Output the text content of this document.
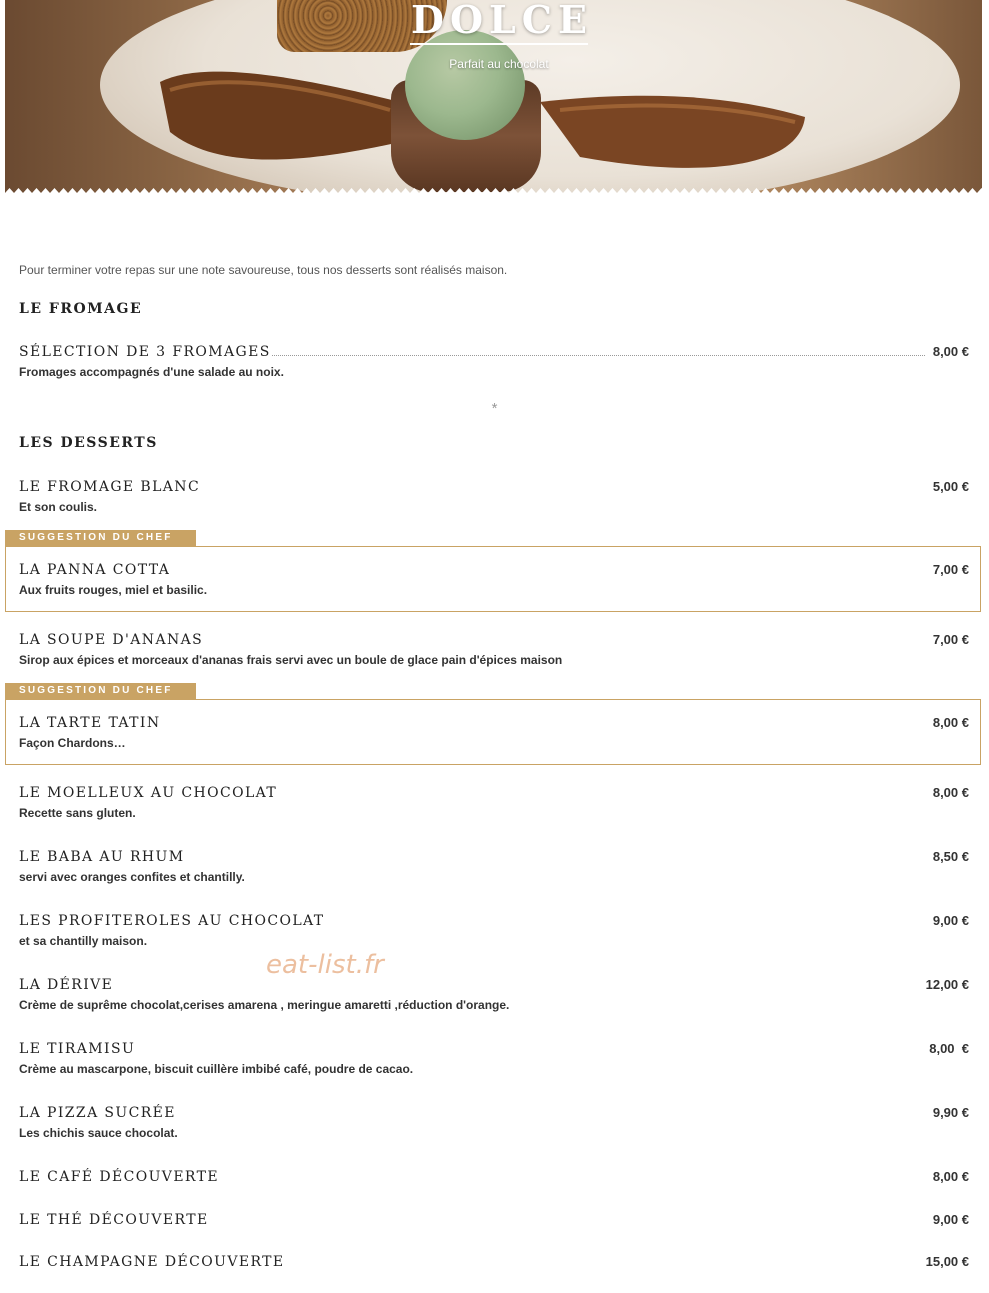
DOLCE
Parfait au chocolat
Pour terminer votre repas sur une note savoureuse, tous nos desserts sont réalisés maison.
LE FROMAGE
SÉLECTION DE 3 FROMAGES	8,00 €
Fromages accompagnés d'une salade au noix.
*
LES DESSERTS
LE FROMAGE BLANC	5,00 €
Et son coulis.
SUGGESTION DU CHEF
LA PANNA COTTA	7,00 €
Aux fruits rouges, miel et basilic.
LA SOUPE D'ANANAS	7,00 €
Sirop aux épices et morceaux d'ananas frais servi avec un boule de glace pain d'épices maison
SUGGESTION DU CHEF
LA TARTE TATIN	8,00 €
Façon Chardons…
LE MOELLEUX AU CHOCOLAT	8,00 €
Recette sans gluten.
LE BABA AU RHUM	8,50 €
servi avec oranges confites et chantilly.
LES PROFITEROLES AU CHOCOLAT	9,00 €
et sa chantilly maison.
LA DÉRIVE	12,00 €
Crème de suprême chocolat,cerises amarena , meringue amaretti ,réduction d'orange.
LE TIRAMISU	8,00  €
Crème au mascarpone, biscuit cuillère imbibé café, poudre de cacao.
LA PIZZA SUCRÉE	9,90 €
Les chichis sauce chocolat.
LE CAFÉ DÉCOUVERTE	8,00 €
LE THÉ DÉCOUVERTE	9,00 €
LE CHAMPAGNE DÉCOUVERTE	15,00 €
eat-list.fr
